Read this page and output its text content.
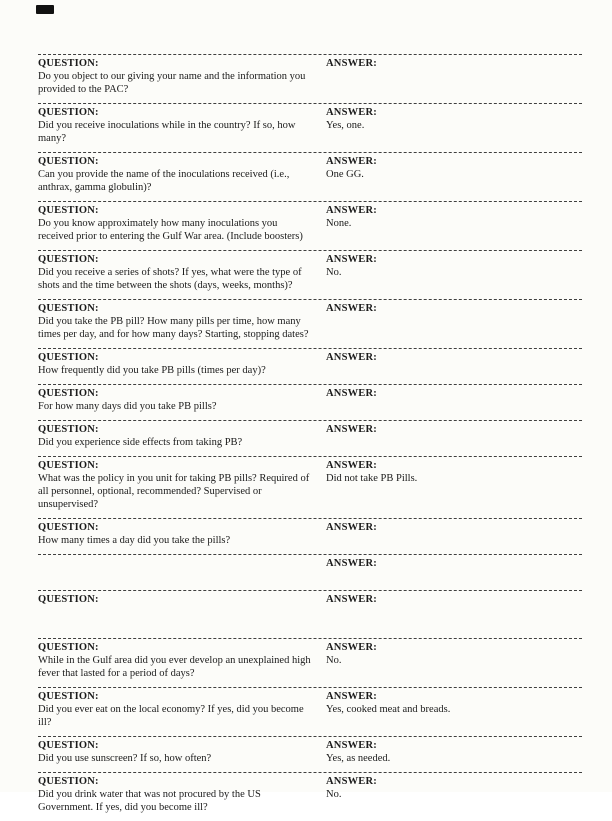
QUESTION:
Do you object to our giving your name and the information you provided to the PAC?
ANSWER:
QUESTION:
Did you receive inoculations while in the country? If so, how many?
ANSWER:
Yes, one.
QUESTION:
Can you provide the name of the inoculations received (i.e., anthrax, gamma globulin)?
ANSWER:
One GG.
QUESTION:
Do you know approximately how many inoculations you received prior to entering the Gulf War area. (Include boosters)
ANSWER:
None.
QUESTION:
Did you receive a series of shots? If yes, what were the type of shots and the time between the shots (days, weeks, months)?
ANSWER:
No.
QUESTION:
Did you take the PB pill? How many pills per time, how many times per day, and for how many days? Starting, stopping dates?
ANSWER:
QUESTION:
How frequently did you take PB pills (times per day)?
ANSWER:
QUESTION:
For how many days did you take PB pills?
ANSWER:
QUESTION:
Did you experience side effects from taking PB?
ANSWER:
QUESTION:
What was the policy in you unit for taking PB pills? Required of all personnel, optional, recommended? Supervised or unsupervised?
ANSWER:
Did not take PB Pills.
QUESTION:
How many times a day did you take the pills?
ANSWER:
ANSWER:
QUESTION:	ANSWER:
QUESTION:
While in the Gulf area did you ever develop an unexplained high fever that lasted for a period of days?
ANSWER:
No.
QUESTION:
Did you ever eat on the local economy? If yes, did you become ill?
ANSWER:
Yes, cooked meat and breads.
QUESTION:
Did you use sunscreen? If so, how often?
ANSWER:
Yes, as needed.
QUESTION:
Did you drink water that was not procured by the US Government. If yes, did you become ill?
ANSWER:
No.
